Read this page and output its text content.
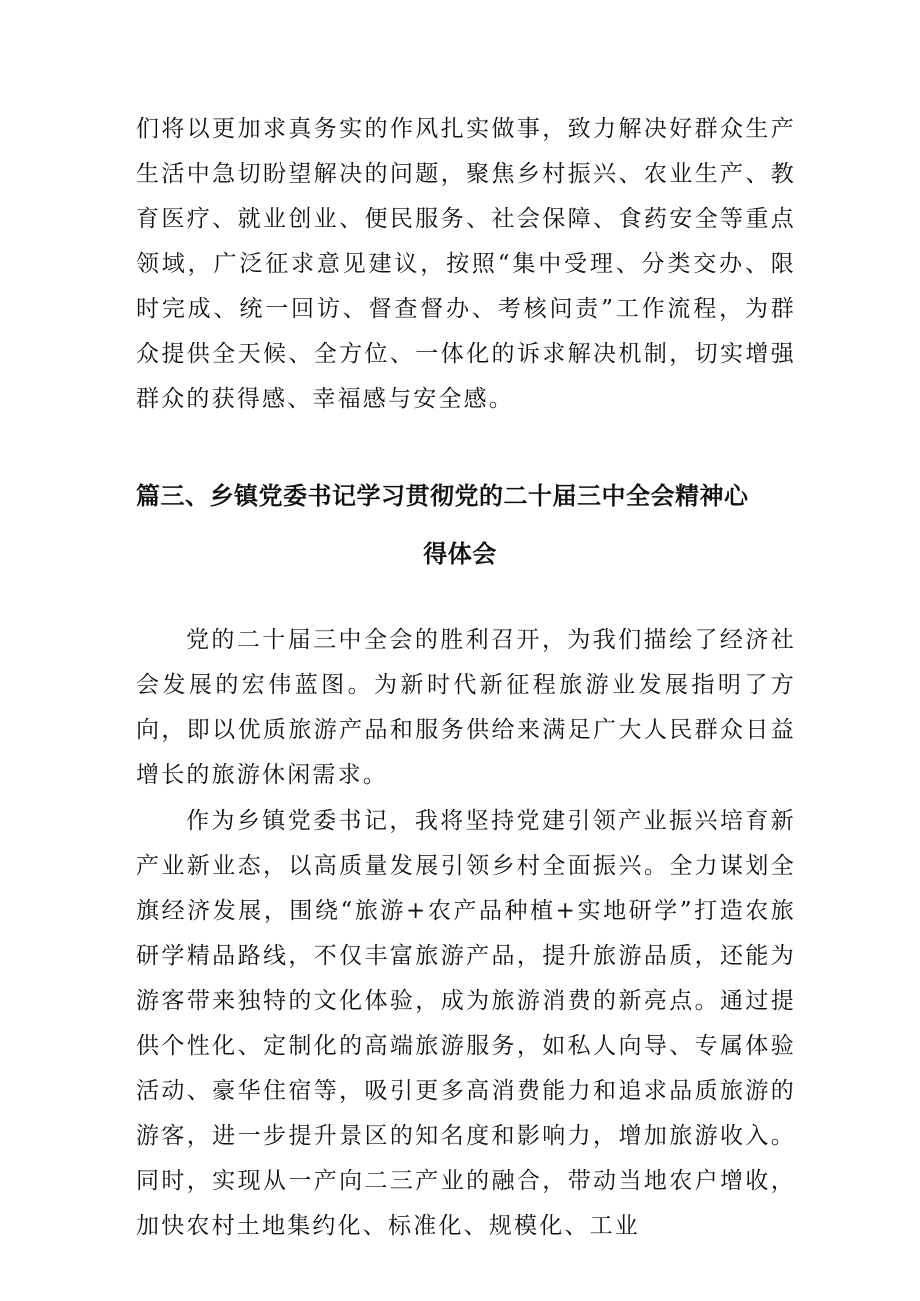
们将以更加求真务实的作风扎实做事，致力解决好群众生产生活中急切盼望解决的问题，聚焦乡村振兴、农业生产、教育医疗、就业创业、便民服务、社会保障、食药安全等重点领域，广泛征求意见建议，按照“集中受理、分类交办、限时完成、统一回访、督查督办、考核问责”工作流程，为群众提供全天候、全方位、一体化的诉求解决机制，切实增强群众的获得感、幸福感与安全感。

篇三、乡镇党委书记学习贯彻党的二十届三中全会精神心
得体会

党的二十届三中全会的胜利召开，为我们描绘了经济社会发展的宏伟蓝图。为新时代新征程旅游业发展指明了方向，即以优质旅游产品和服务供给来满足广大人民群众日益增长的旅游休闲需求。

作为乡镇党委书记，我将坚持党建引领产业振兴培育新产业新业态，以高质量发展引领乡村全面振兴。全力谋划全旗经济发展，围绕“旅游+农产品种植+实地研学”打造农旅研学精品路线，不仅丰富旅游产品，提升旅游品质，还能为游客带来独特的文化体验，成为旅游消费的新亮点。通过提供个性化、定制化的高端旅游服务，如私人向导、专属体验活动、豪华住宿等，吸引更多高消费能力和追求品质旅游的游客，进一步提升景区的知名度和影响力，增加旅游收入。同时，实现从一产向二三产业的融合，带动当地农户增收，加快农村土地集约化、标准化、规模化、工业
